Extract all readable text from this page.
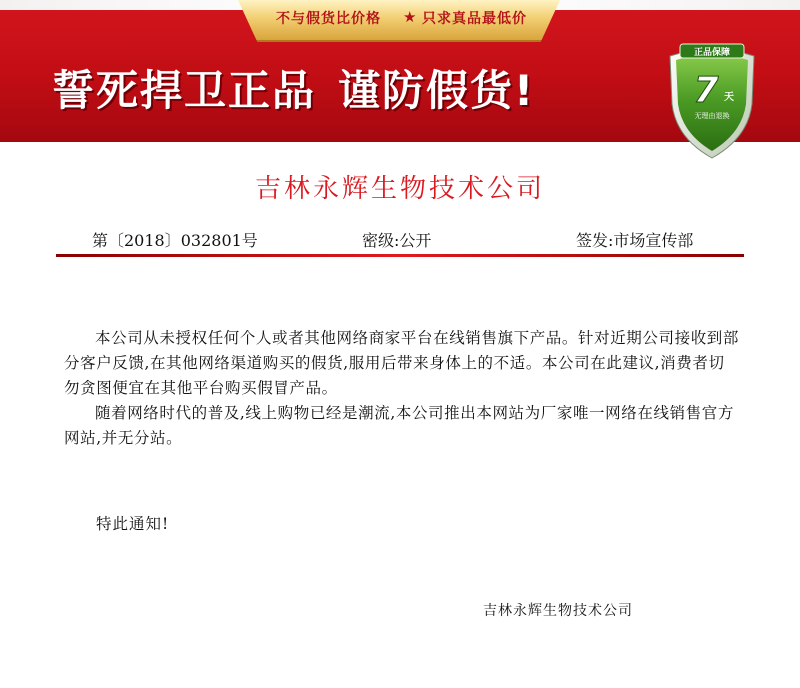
不与假货比价格 ★ 只求真品最低价
誓死捍卫正品 谨防假货!
正品保障
7 天
无理由退换
吉林永辉生物技术公司
第〔2018〕032801号	密级:公开	签发:市场宣传部

本公司从未授权任何个人或者其他网络商家平台在线销售旗下产品。针对近期公司接收到部分客户反馈,在其他网络渠道购买的假货,服用后带来身体上的不适。本公司在此建议,消费者切勿贪图便宜在其他平台购买假冒产品。

随着网络时代的普及,线上购物已经是潮流,本公司推出本网站为厂家唯一网络在线销售官方网站,并无分站。

特此通知!
吉林永辉生物技术公司
